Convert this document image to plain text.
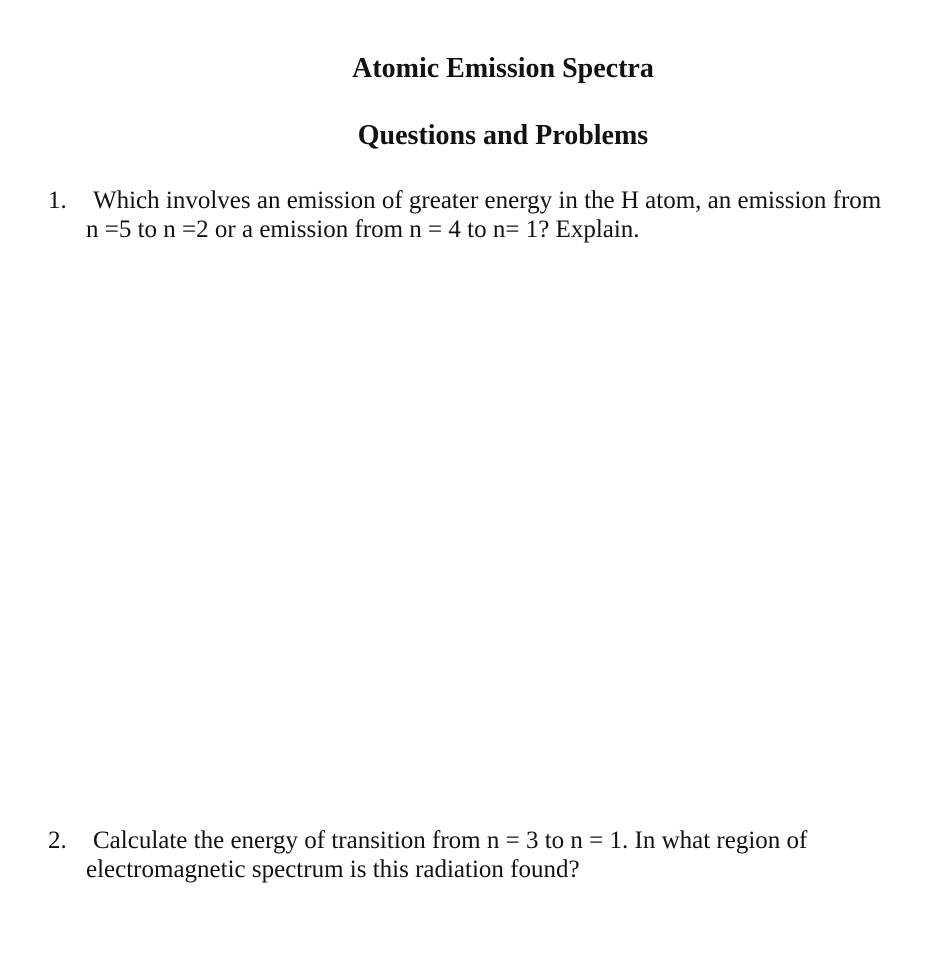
Atomic Emission Spectra
Questions and Problems
1. Which involves an emission of greater energy in the H atom, an emission from
n =5 to n =2 or a emission from n = 4 to n= 1? Explain.
2. Calculate the energy of transition from n = 3 to n = 1. In what region of
electromagnetic spectrum is this radiation found?
